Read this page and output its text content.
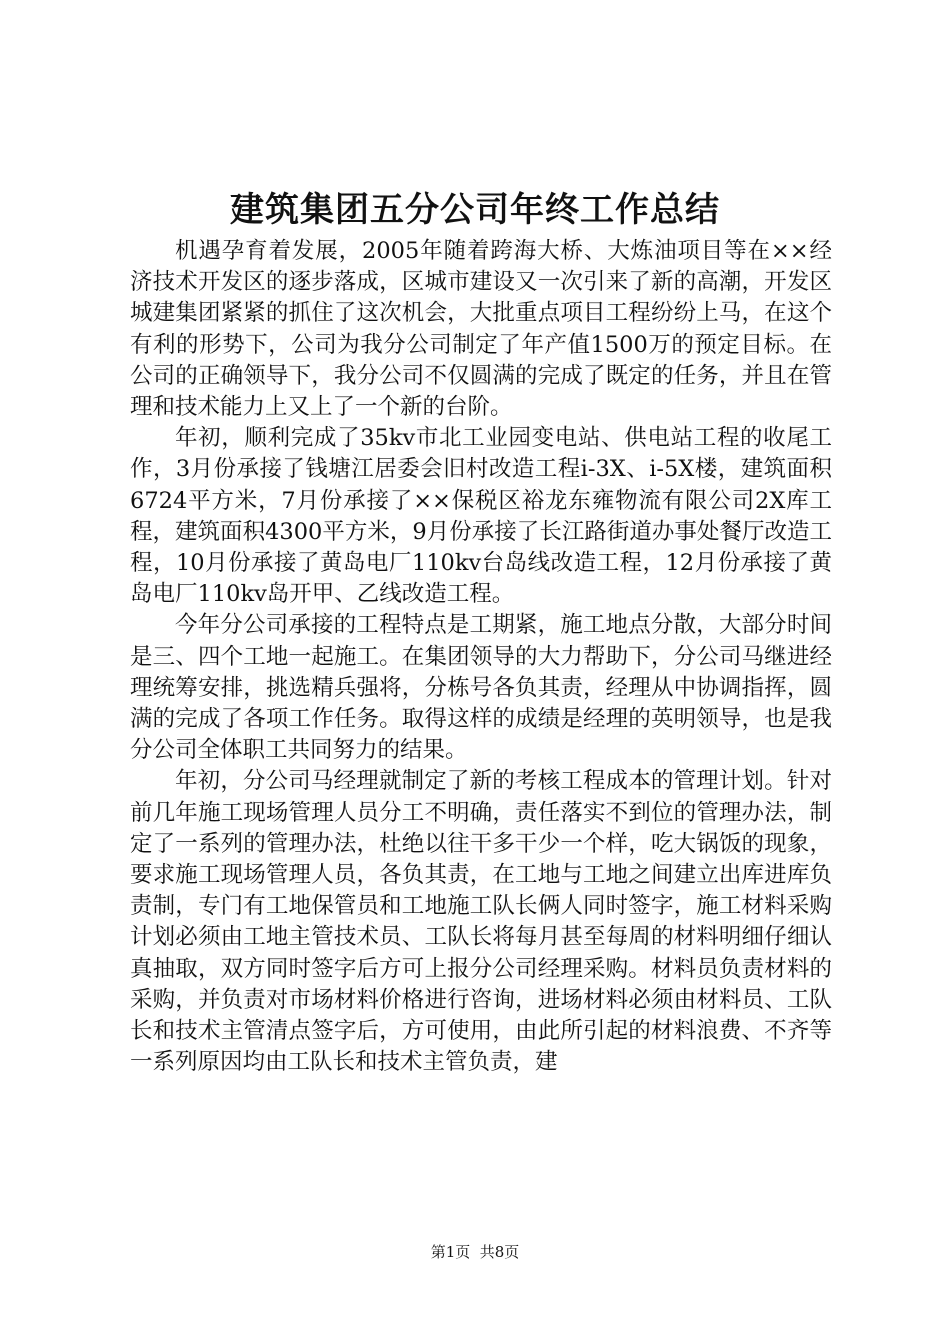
建筑集团五分公司年终工作总结

机遇孕育着发展，2005年随着跨海大桥、大炼油项目等在××经济技术开发区的逐步落成，区城市建设又一次引来了新的高潮，开发区城建集团紧紧的抓住了这次机会，大批重点项目工程纷纷上马，在这个有利的形势下，公司为我分公司制定了年产值1500万的预定目标。在公司的正确领导下，我分公司不仅圆满的完成了既定的任务，并且在管理和技术能力上又上了一个新的台阶。

年初，顺利完成了35kv市北工业园变电站、供电站工程的收尾工作，3月份承接了钱塘江居委会旧村改造工程i-3X、i-5X楼，建筑面积6724平方米，7月份承接了××保税区裕龙东雍物流有限公司2X库工程，建筑面积4300平方米，9月份承接了长江路街道办事处餐厅改造工程，10月份承接了黄岛电厂110kv台岛线改造工程，12月份承接了黄岛电厂110kv岛开甲、乙线改造工程。

今年分公司承接的工程特点是工期紧，施工地点分散，大部分时间是三、四个工地一起施工。在集团领导的大力帮助下，分公司马继进经理统筹安排，挑选精兵强将，分栋号各负其责，经理从中协调指挥，圆满的完成了各项工作任务。取得这样的成绩是经理的英明领导，也是我分公司全体职工共同努力的结果。

年初，分公司马经理就制定了新的考核工程成本的管理计划。针对前几年施工现场管理人员分工不明确，责任落实不到位的管理办法，制定了一系列的管理办法，杜绝以往干多干少一个样，吃大锅饭的现象，要求施工现场管理人员，各负其责，在工地与工地之间建立出库进库负责制，专门有工地保管员和工地施工队长俩人同时签字，施工材料采购计划必须由工地主管技术员、工队长将每月甚至每周的材料明细仔细认真抽取，双方同时签字后方可上报分公司经理采购。材料员负责材料的采购，并负责对市场材料价格进行咨询，进场材料必须由材料员、工队长和技术主管清点签字后，方可使用，由此所引起的材料浪费、不齐等一系列原因均由工队长和技术主管负责，建

第1页  共8页
